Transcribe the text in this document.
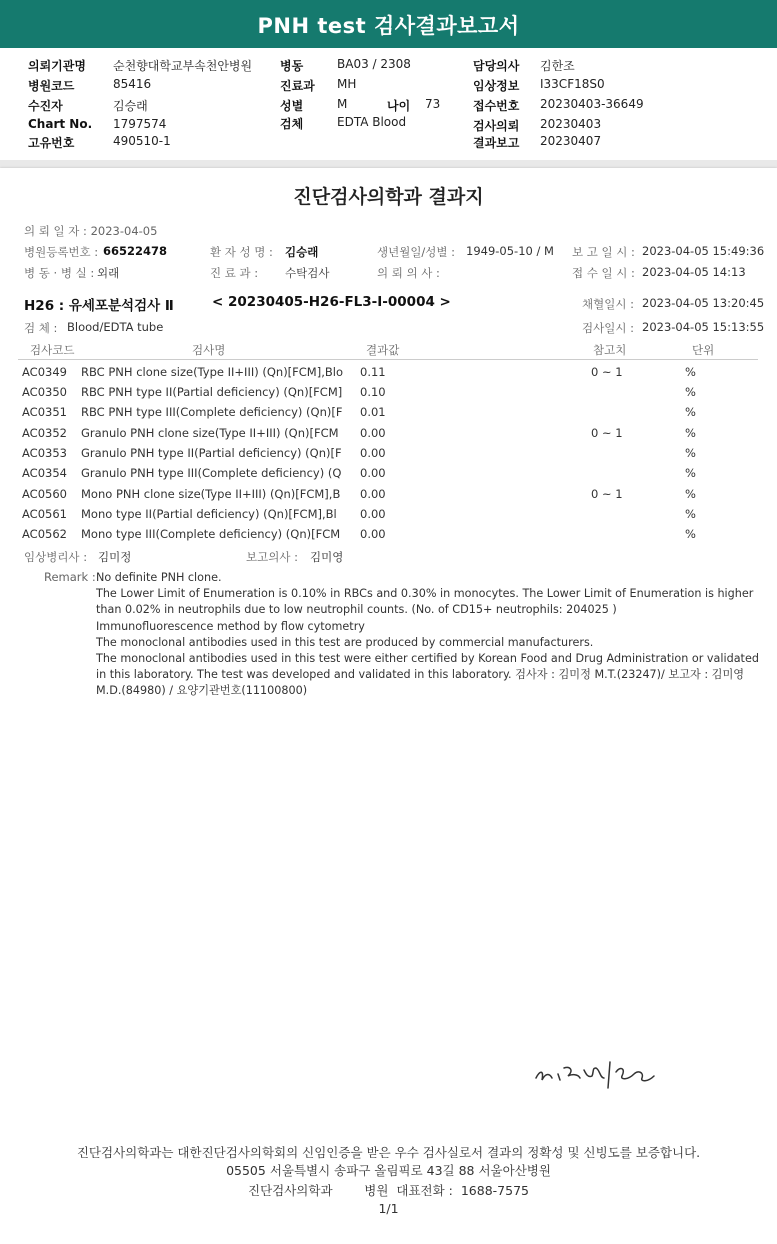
PNH test 검사결과보고서
의뢰기관명 순천향대학교부속천안병원
병원코드	85416
수진자	김승래
Chart No. 1797574
고유번호	490510-1
병동	BA03 / 2308
진료과 MH
성별	M	나이 73
검체	EDTA Blood
담당의사 김한조
임상정보 I33CF18S0
접수번호 20230403-36649
검사의뢰 20230403
결과보고 20230407
진단검사의학과 결과지
의 뢰 일 자 : 2023-04-05
병원등록번호 : 66522478	환 자 성 명 : 김승래	생년월일/성별 : 1949-05-10 / M 보 고 일 시 : 2023-04-05 15:49:36
병 동 · 병 실 : 외래	진 료 과 : 수탁검사	의 뢰 의 사 :	접 수 일 시 : 2023-04-05 14:13
H26 : 유세포분석검사 Ⅱ	< 20230405-H26-FL3-I-00004 >	채혈일시 : 2023-04-05 13:20:45
검 체 : Blood/EDTA tube	검사일시 : 2023-04-05 15:13:55
검사코드	검사명	결과값	참고치	단위
AC0349 RBC PNH clone size(Type II+III) (Qn)[FCM],Blo 0.11	0 ~ 1	%
AC0350 RBC PNH type II(Partial deficiency) (Qn)[FCM] 0.10	%
AC0351 RBC PNH type III(Complete deficiency) (Qn)[F 0.01	%
AC0352 Granulo PNH clone size(Type II+III) (Qn)[FCM 0.00	0 ~ 1	%
AC0353 Granulo PNH type II(Partial deficiency) (Qn)[F 0.00	%
AC0354 Granulo PNH type III(Complete deficiency) (Q 0.00	%
AC0560 Mono PNH clone size(Type II+III) (Qn)[FCM],B 0.00	0 ~ 1	%
AC0561 Mono type II(Partial deficiency) (Qn)[FCM],Bl 0.00	%
AC0562 Mono type III(Complete deficiency) (Qn)[FCM 0.00	%
임상병리사 : 김미정	보고의사 : 김미영
Remark : No definite PNH clone.
The Lower Limit of Enumeration is 0.10% in RBCs and 0.30% in monocytes. The Lower Limit of Enumeration is higher than 0.02% in neutrophils due to low neutrophil counts. (No. of CD15+ neutrophils: 204025 )
Immunofluorescence method by flow cytometry
The monoclonal antibodies used in this test are produced by commercial manufacturers.
The monoclonal antibodies used in this test were either certified by Korean Food and Drug Administration or validated in this laboratory. The test was developed and validated in this laboratory. 검사자 : 김미정 M.T.(23247)/ 보고자 : 김미영 M.D.(84980) / 요양기관번호(11100800)
진단검사의학과는 대한진단검사의학회의 신임인증을 받은 우수 검사실로서 결과의 정확성 및 신빙도를 보증합니다.
05505 서울특별시 송파구 올림픽로 43길 88 서울아산병원
진단검사의학과        병원  대표전화 :  1688-7575
1/1
